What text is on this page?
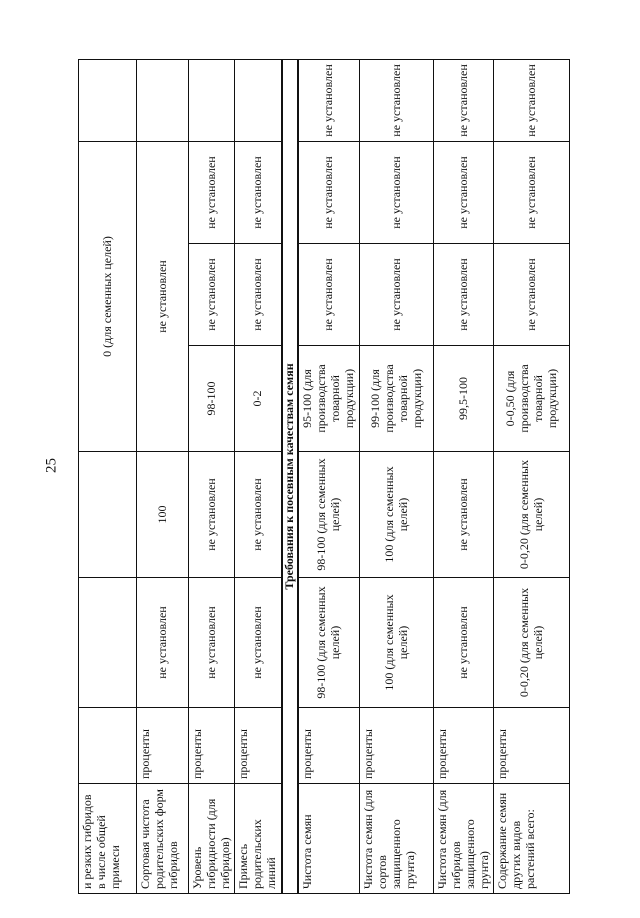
25
и резких гибридов в числе общей примеси				0 (для семенных целей)			
Сортовая чистота родительских форм гибридов	проценты	не установлен	100	не установлен			
Уровень гибридности (для гибридов)	проценты	не установлен	не установлен	98-100	не установлен	не установлен	
Примесь родительских линий	проценты	не установлен	не установлен	0-2	не установлен	не установлен	
Требования к посевным качествам семян							
Чистота семян	проценты	98-100 (для семенных целей)	98-100 (для семенных целей)	95-100 (для производства товарной продукции)	не установлен	не установлен	не установлен
Чистота семян (для сортов защищенного грунта)	проценты	100 (для семенных целей)	100 (для семенных целей)	99-100 (для производства товарной продукции)	не установлен	не установлен	не установлен
Чистота семян (для гибридов защищенного грунта)	проценты	не установлен	не установлен	99,5-100	не установлен	не установлен	не установлен
Содержание семян других видов растений всего:	проценты	0-0,20 (для семенных целей)	0-0,20 (для семенных целей)	0-0,50 (для производства товарной продукции)	не установлен	не установлен	не установлен
